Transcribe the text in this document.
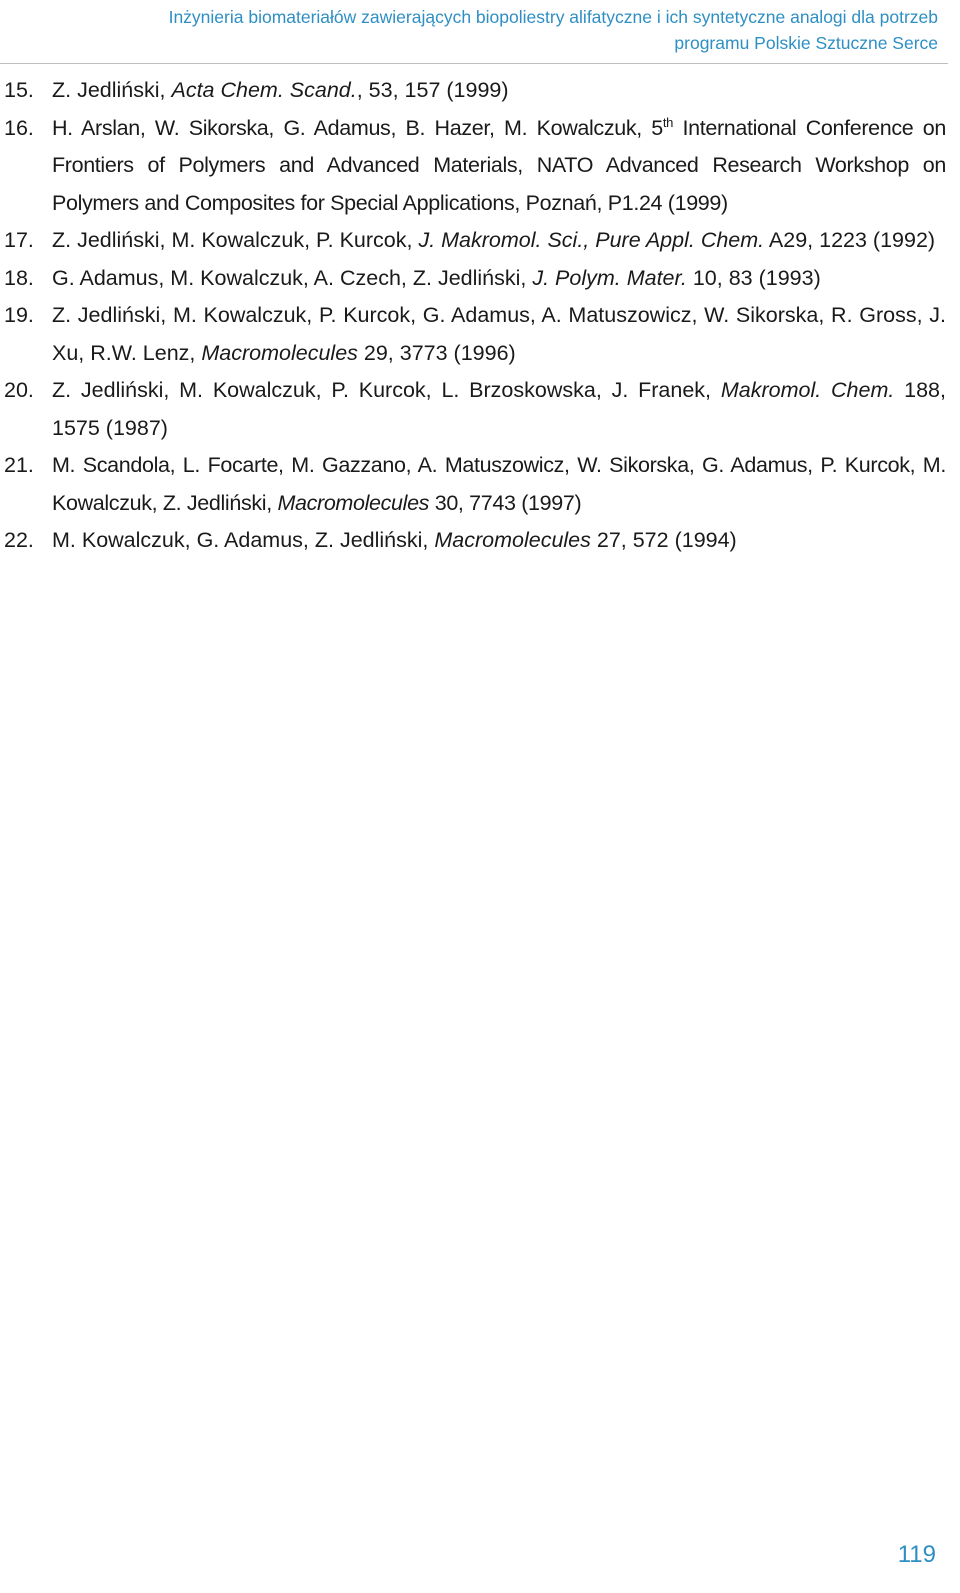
Inżynieria biomateriałów zawierających biopoliestry alifatyczne i ich syntetyczne analogi dla potrzeb
programu Polskie Sztuczne Serce
15. Z. Jedliński, Acta Chem. Scand., 53, 157 (1999)
16. H. Arslan, W. Sikorska, G. Adamus, B. Hazer, M. Kowalczuk, 5th International Conference on Frontiers of Polymers and Advanced Materials, NATO Advanced Research Workshop on Polymers and Composites for Special Applications, Poznań, P1.24 (1999)
17. Z. Jedliński, M. Kowalczuk, P. Kurcok, J. Makromol. Sci., Pure Appl. Chem. A29, 1223 (1992)
18. G. Adamus, M. Kowalczuk, A. Czech, Z. Jedliński, J. Polym. Mater. 10, 83 (1993)
19. Z. Jedliński, M. Kowalczuk, P. Kurcok, G. Adamus, A. Matuszowicz, W. Sikorska, R. Gross, J. Xu, R.W. Lenz, Macromolecules 29, 3773 (1996)
20. Z. Jedliński, M. Kowalczuk, P. Kurcok, L. Brzoskowska, J. Franek, Makromol. Chem. 188, 1575 (1987)
21. M. Scandola, L. Focarte, M. Gazzano, A. Matuszowicz, W. Sikorska, G. Adamus, P. Kurcok, M. Kowalczuk, Z. Jedliński, Macromolecules 30, 7743 (1997)
22. M. Kowalczuk, G. Adamus, Z. Jedliński, Macromolecules 27, 572 (1994)
119
